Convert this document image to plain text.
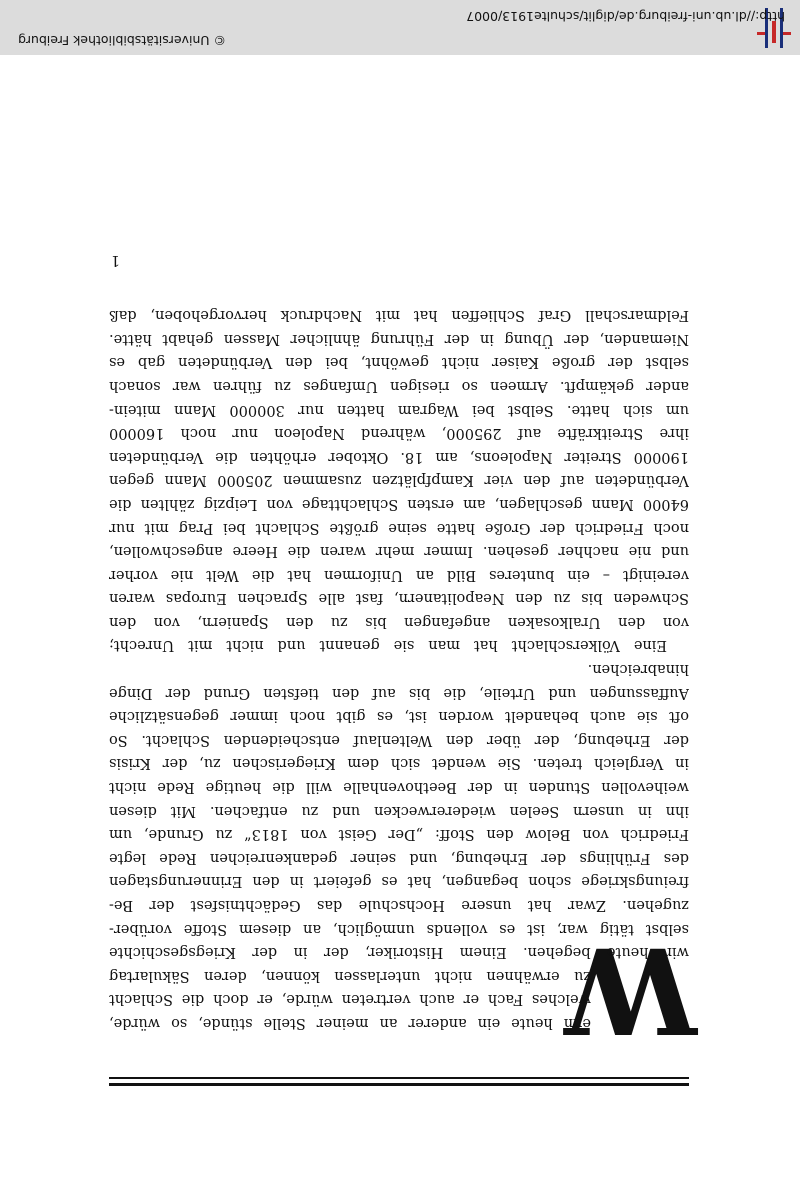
W
enn heute ein anderer an meiner Stelle stünde, so würde,
welches Fach er auch vertreten würde, er doch die Schlacht
zu erwähnen nicht unterlassen können, deren Säkulartag
wir heute begehen. Einem Historiker, der in der Kriegsgeschichte
selbst tätig war, ist es vollends unmöglich, an diesem Stoffe vorüber-
zugehen. Zwar hat unsere Hochschule das Gedächtnisfest der Be-
freiungskriege schon begangen, hat es gefeiert in den Erinnerungstagen
des Frühlings der Erhebung, und seiner gedankenreichen Rede legte
Friedrich von Below den Stoff: „Der Geist von 1813“ zu Grunde, um
ihn in unsern Seelen wiedererwecken und zu entfachen. Mit diesen
weihevollen Stunden in der Beethovenhalle will die heutige Rede nicht
in Vergleich treten. Sie wendet sich dem Kriegerischen zu, der Krisis
der Erhebung, der über den Weltenlauf entscheidenden Schlacht. So
oft sie auch behandelt worden ist, es gibt noch immer gegensätzliche
Auffassungen und Urteile, die bis auf den tiefsten Grund der Dinge
hinabreichen.
Eine Völkerschlacht hat man sie genannt und nicht mit Unrecht;
von den Uralkosaken angefangen bis zu den Spaniern, von den
Schweden bis zu den Neapolitanern, fast alle Sprachen Europas waren
vereinigt – ein bunteres Bild an Uniformen hat die Welt nie vorher
und nie nachher gesehen. Immer mehr waren die Heere angeschwollen,
noch Friedrich der Große hatte seine größte Schlacht bei Prag mit nur
64000 Mann geschlagen, am ersten Schlachttage von Leipzig zählten die
Verbündeten auf den vier Kampfplätzen zusammen 205000 Mann gegen
190000 Streiter Napoleons, am 18. Oktober erhöhten die Verbündeten
ihre Streitkräfte auf 295000, während Napoleon nur noch 160000
um sich hatte. Selbst bei Wagram hatten nur 300000 Mann mitein-
ander gekämpft. Armeen so riesigen Umfanges zu führen war sonach
selbst der große Kaiser nicht gewöhnt, bei den Verbündeten gab es
Niemanden, der Übung in der Führung ähnlicher Massen gehabt hätte.
Feldmarschall Graf Schlieffen hat mit Nachdruck hervorgehoben, daß
1
http://dl.ub.uni-freiburg.de/diglit/schulte1913/0007
© Universitätsbibliothek Freiburg
